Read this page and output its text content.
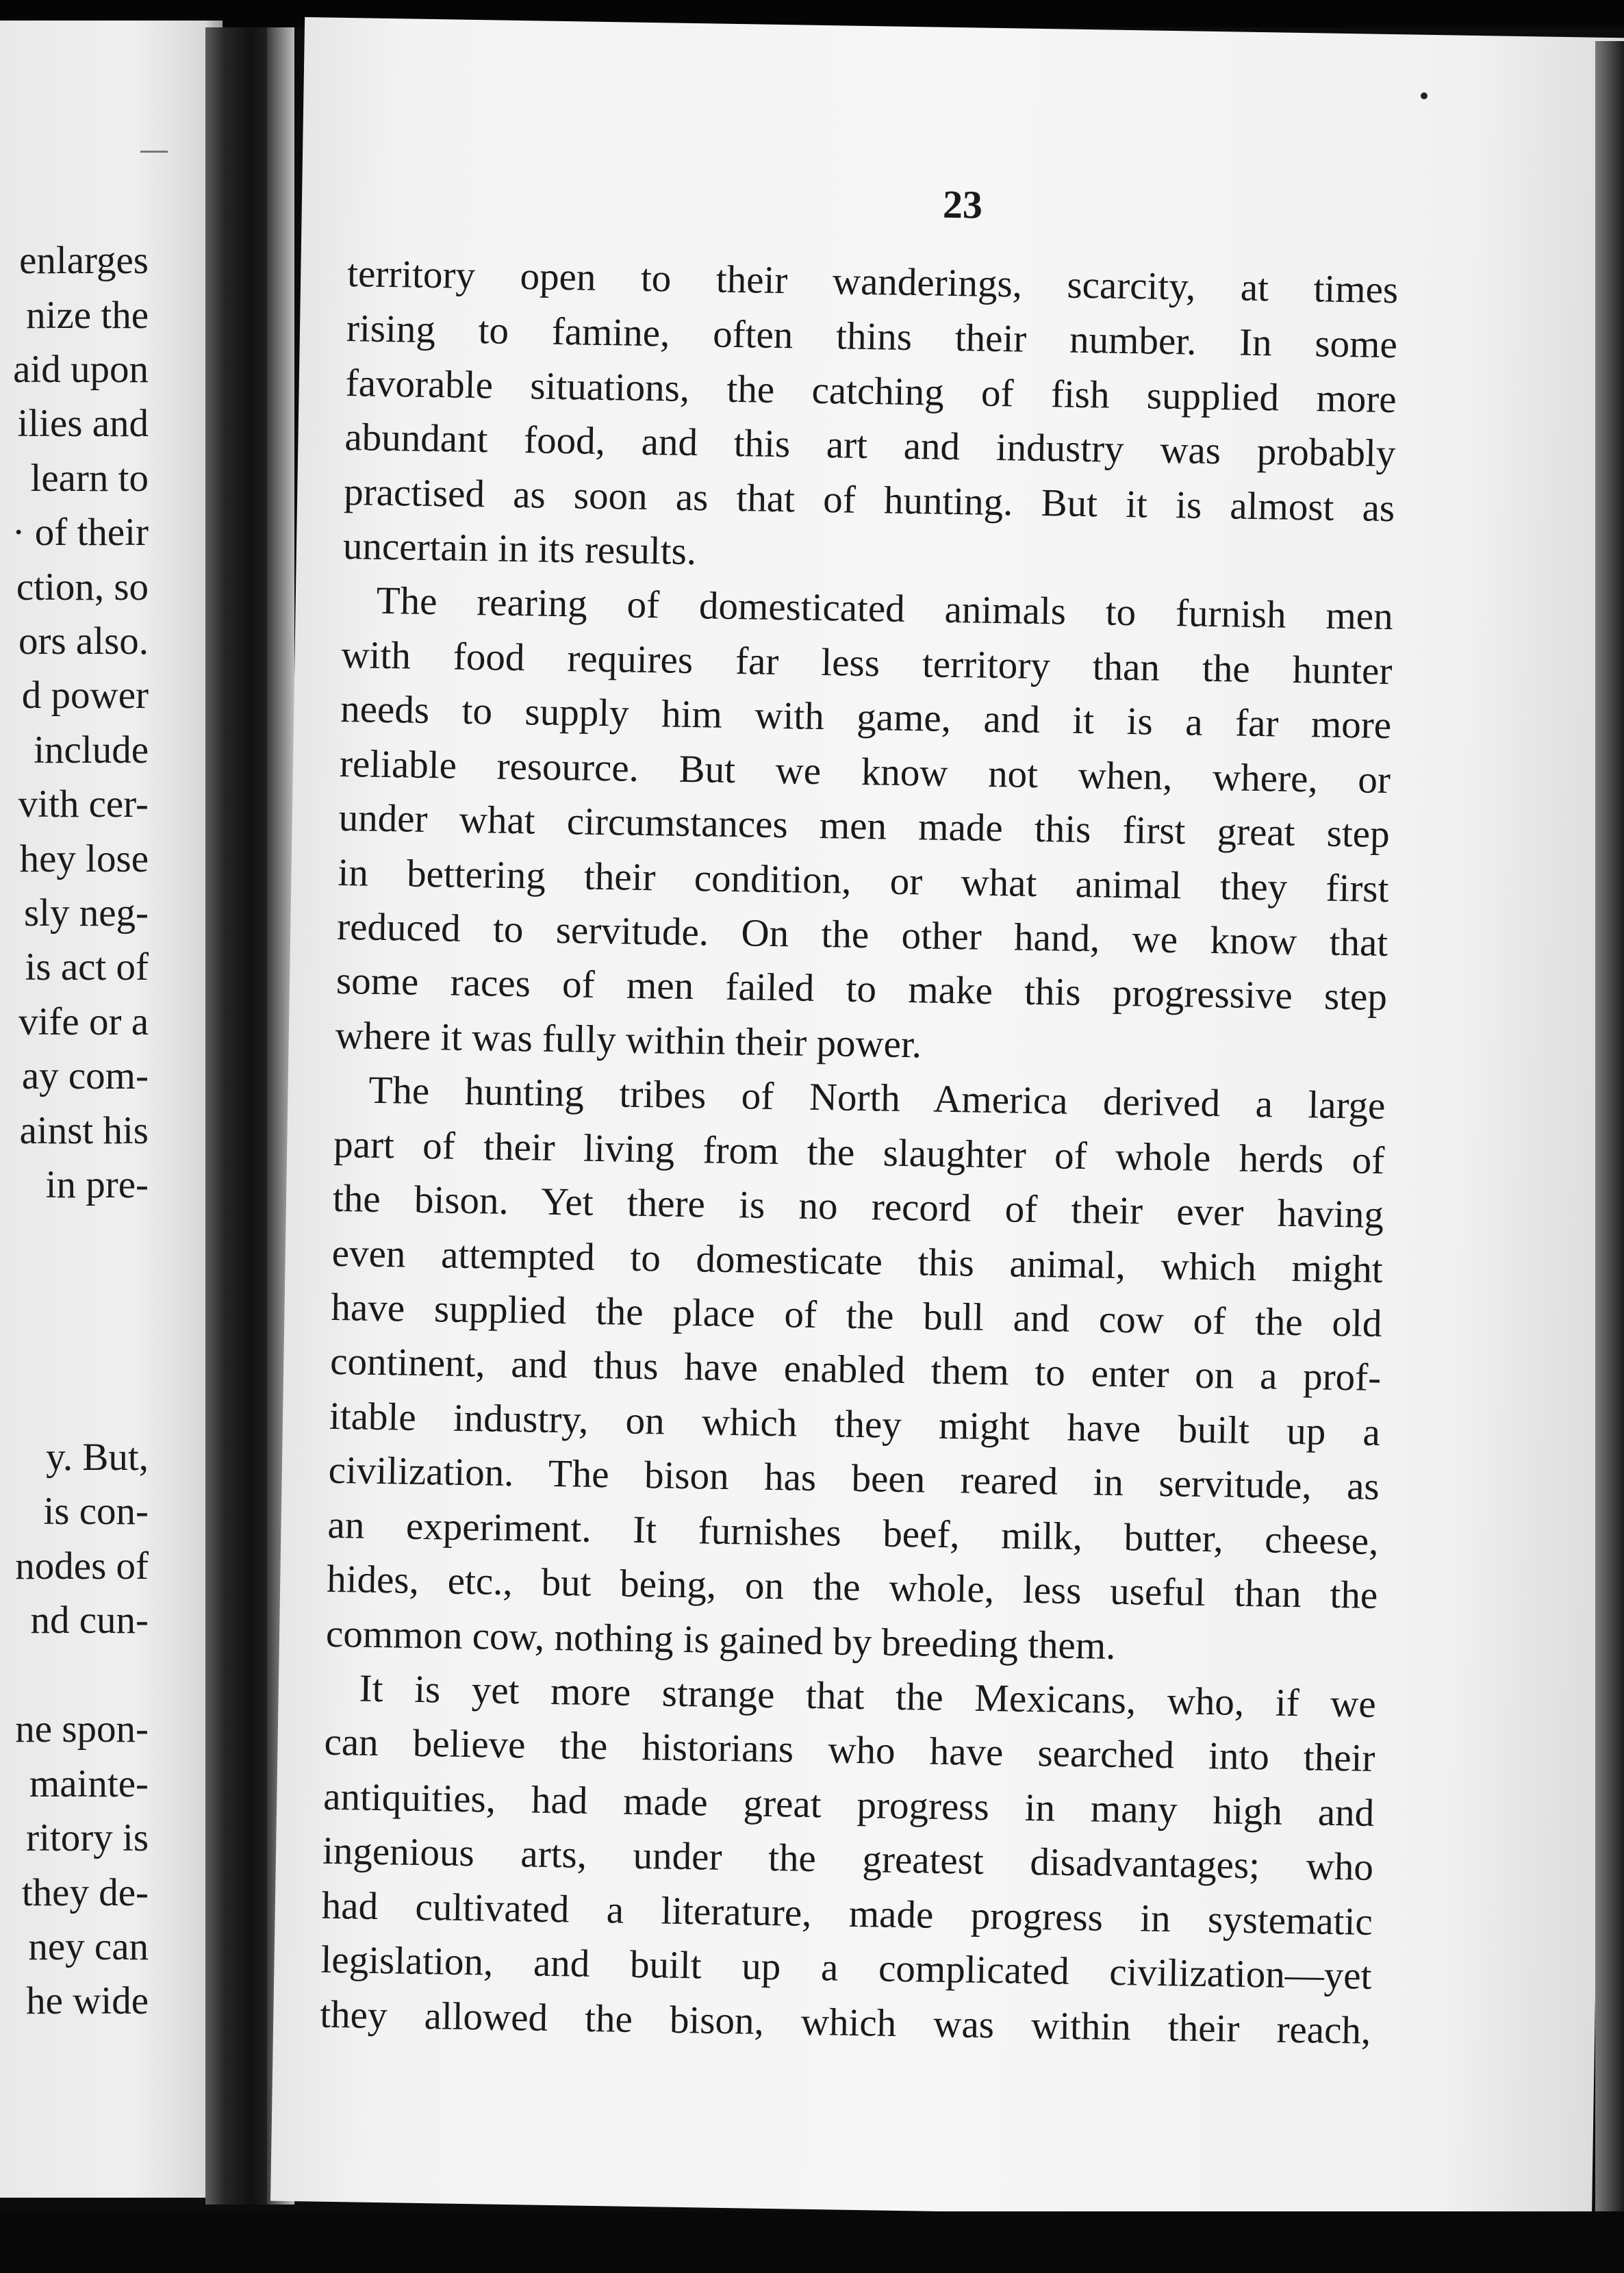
enlarges
nize the
aid upon
ilies and
learn to
· of their
ction, so
ors also.
d power
include
vith cer-
hey lose
sly neg-
is act of
vife or a
ay com-
ainst his
in pre-
y. But,
is con-
nodes of
nd cun-
ne spon-
mainte-
ritory is
they de-
ney can
he wide
23
territory open to their wanderings, scarcity, at times
rising to famine, often thins their number. In some
favorable situations, the catching of fish supplied more
abundant food, and this art and industry was probably
practised as soon as that of hunting. But it is almost as
uncertain in its results.
The rearing of domesticated animals to furnish men
with food requires far less territory than the hunter
needs to supply him with game, and it is a far more
reliable resource. But we know not when, where, or
under what circumstances men made this first great step
in bettering their condition, or what animal they first
reduced to servitude. On the other hand, we know that
some races of men failed to make this progressive step
where it was fully within their power.
The hunting tribes of North America derived a large
part of their living from the slaughter of whole herds of
the bison. Yet there is no record of their ever having
even attempted to domesticate this animal, which might
have supplied the place of the bull and cow of the old
continent, and thus have enabled them to enter on a prof-
itable industry, on which they might have built up a
civilization. The bison has been reared in servitude, as
an experiment. It furnishes beef, milk, butter, cheese,
hides, etc., but being, on the whole, less useful than the
common cow, nothing is gained by breeding them.
It is yet more strange that the Mexicans, who, if we
can believe the historians who have searched into their
antiquities, had made great progress in many high and
ingenious arts, under the greatest disadvantages; who
had cultivated a literature, made progress in systematic
legislation, and built up a complicated civilization—yet
they allowed the bison, which was within their reach,
